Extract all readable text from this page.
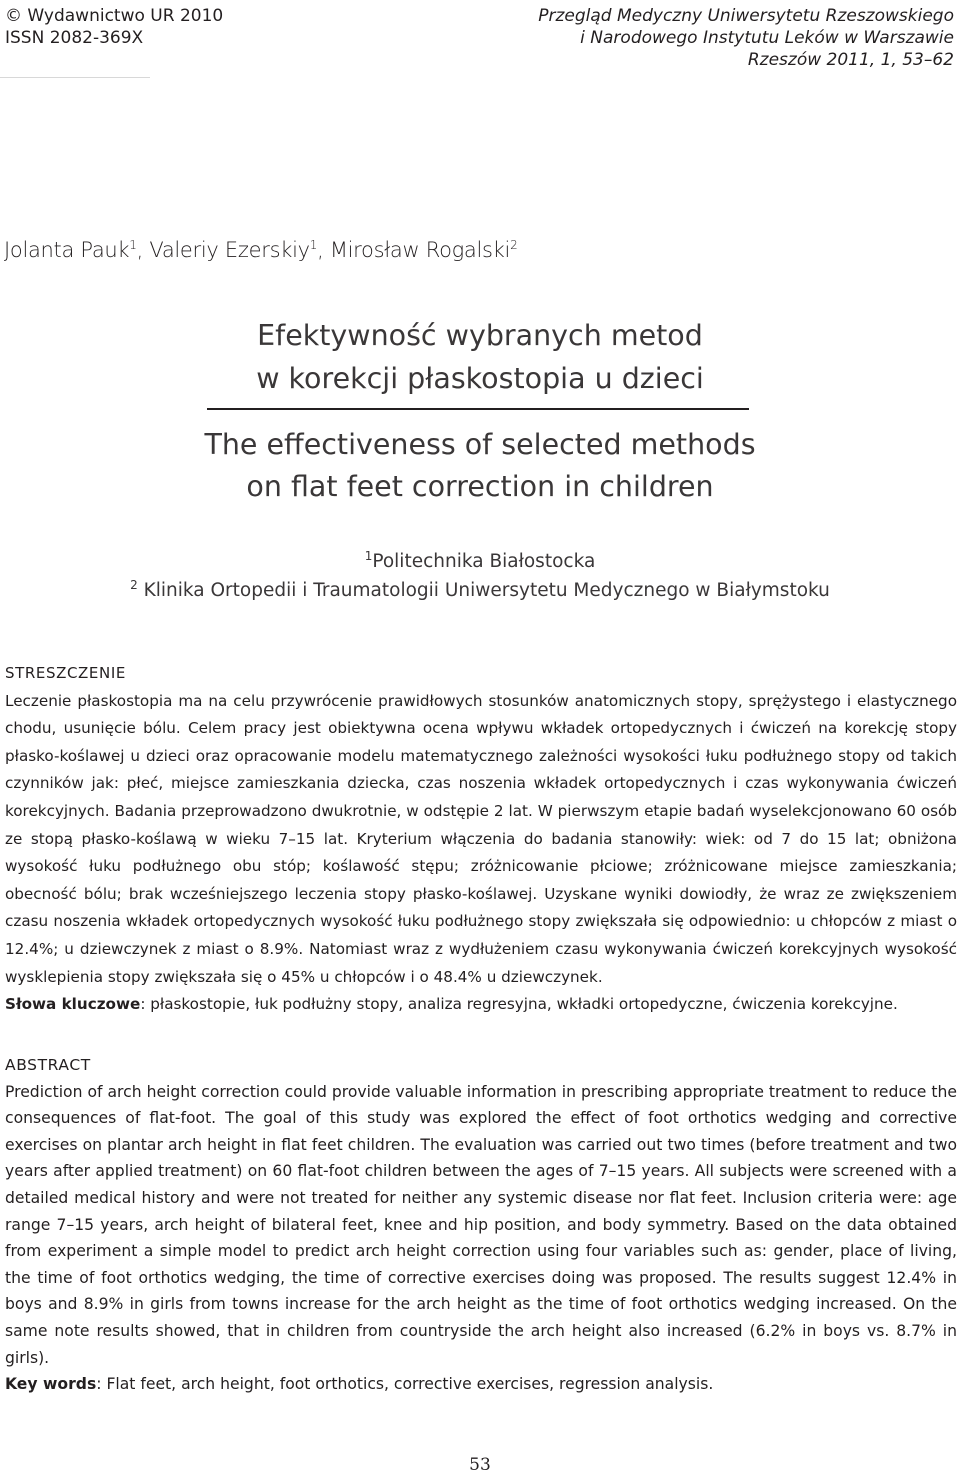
© Wydawnictwo UR 2010
ISSN 2082-369X
Przegląd Medyczny Uniwersytetu Rzeszowskiego
i Narodowego Instytutu Leków w Warszawie
Rzeszów 2011, 1, 53–62
Jolanta Pauk$^1$, Valeriy Ezerskiy$^1$, Mirosław Rogalski$^2$
Efektywność wybranych metod
w korekcji płaskostopia u dzieci
The effectiveness of selected methods
on flat feet correction in children
$^1$Politechnika Białostocka
$^2$ Klinika Ortopedii i Traumatologii Uniwersytetu Medycznego w Białymstoku
STRESZCZENIE
Leczenie płaskostopia ma na celu przywrócenie prawidłowych stosunków anatomicznych stopy, sprężystego i elastycznego chodu, usunięcie bólu. Celem pracy jest obiektywna ocena wpływu wkładek ortopedycznych i ćwiczeń na korekcję stopy płasko-koślawej u dzieci oraz opracowanie modelu matematycznego zależności wysokości łuku podłużnego stopy od takich czynników jak: płeć, miejsce zamieszkania dziecka, czas noszenia wkładek ortopedycznych i czas wykonywania ćwiczeń korekcyjnych. Badania przeprowadzono dwukrotnie, w odstępie 2 lat. W pierwszym etapie badań wyselekcjonowano 60 osób ze stopą płasko-koślawą w wieku 7–15 lat. Kryterium włączenia do badania stanowiły: wiek: od 7 do 15 lat; obniżona wysokość łuku podłużnego obu stóp; koślawość stępu; zróżnicowanie płciowe; zróżnicowane miejsce zamieszkania; obecność bólu; brak wcześniejszego leczenia stopy płasko-koślawej. Uzyskane wyniki dowiodły, że wraz ze zwiększeniem czasu noszenia wkładek ortopedycznych wysokość łuku podłużnego stopy zwiększała się odpowiednio: u chłopców z miast o 12.4%; u dziewczynek z miast o 8.9%. Natomiast wraz z wydłużeniem czasu wykonywania ćwiczeń korekcyjnych wysokość wysklepienia stopy zwiększała się o 45% u chłopców i o 48.4% u dziewczynek.
Słowa kluczowe: płaskostopie, łuk podłużny stopy, analiza regresyjna, wkładki ortopedyczne, ćwiczenia korekcyjne.
ABSTRACT
Prediction of arch height correction could provide valuable information in prescribing appropriate treatment to reduce the consequences of flat-foot. The goal of this study was explored the effect of foot orthotics wedging and corrective exercises on plantar arch height in flat feet children. The evaluation was carried out two times (before treatment and two years after applied treatment) on 60 flat-foot children between the ages of 7–15 years. All subjects were screened with a detailed medical history and were not treated for neither any systemic disease nor flat feet. Inclusion criteria were: age range 7–15 years, arch height of bilateral feet, knee and hip position, and body symmetry. Based on the data obtained from experiment a simple model to predict arch height correction using four variables such as: gender, place of living, the time of foot orthotics wedging, the time of corrective exercises doing was proposed. The results suggest 12.4% in boys and 8.9% in girls from towns increase for the arch height as the time of foot orthotics wedging increased. On the same note results showed, that in children from countryside the arch height also increased (6.2% in boys vs. 8.7% in girls).
Key words: Flat feet, arch height, foot orthotics, corrective exercises, regression analysis.
53
